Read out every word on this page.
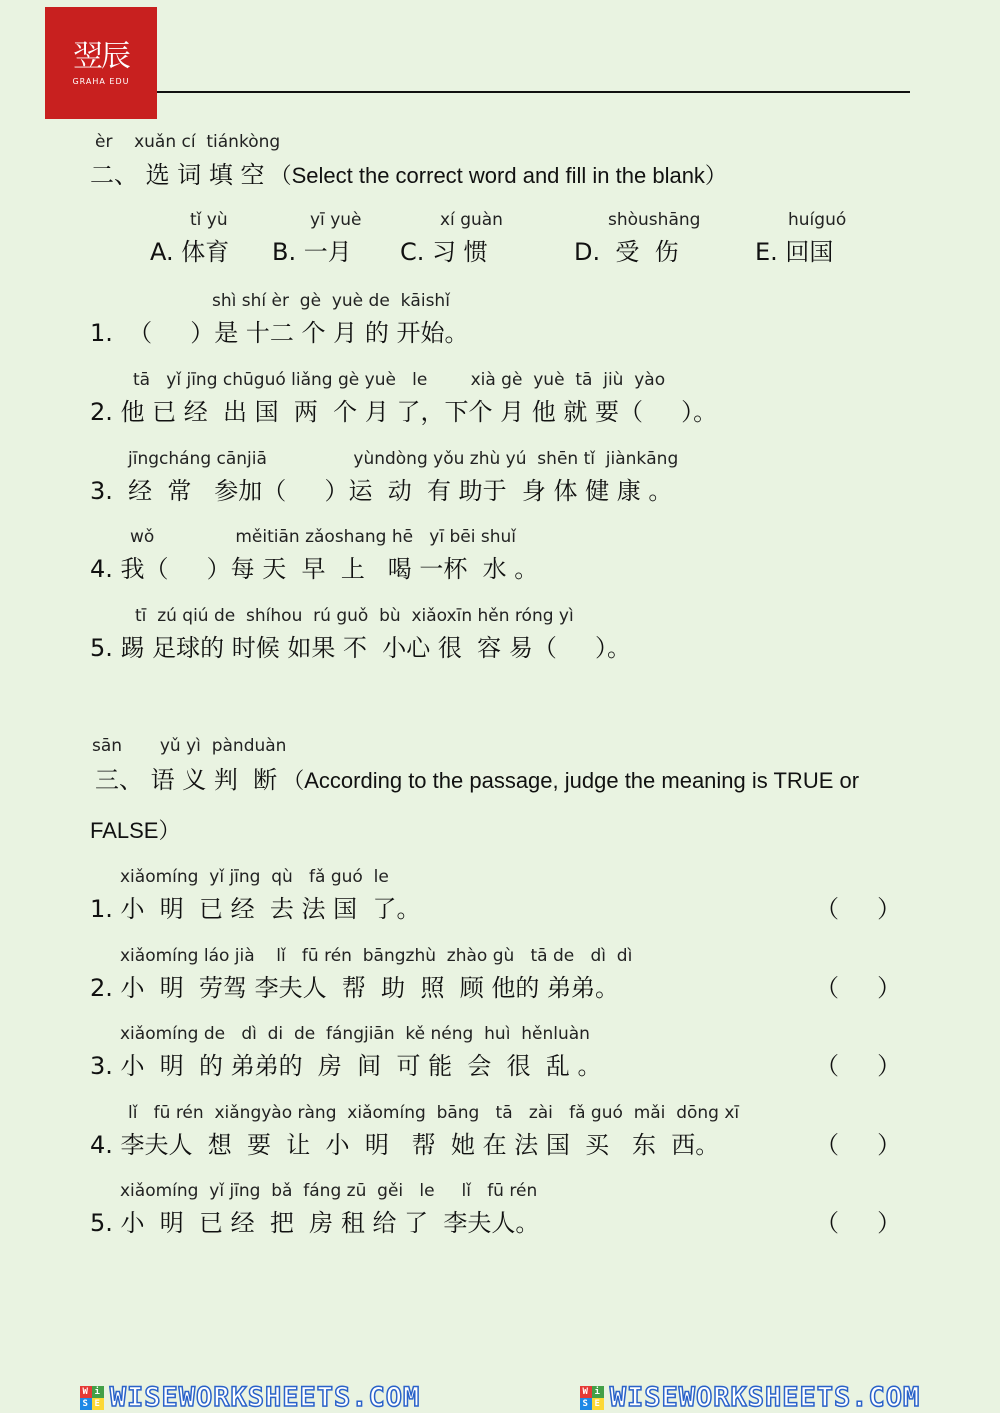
翌​辰
GRAHA EDU
èr    xuǎn cí  tiánkòng
二、 选 词 填 空 （Select the correct word and fill in the blank）
tǐ yù
A. 体育
yī yuè
B. 一月
xí guàn
C. 习 惯
shòushāng
D.  受  伤
huíguó
E. 回国
shì shí èr  gè  yuè de  kāishǐ
1.  （     ）是 十二 个 月 的 开始。
tā   yǐ jīng chūguó liǎng gè yuè   le        xià gè  yuè  tā  jiù  yào
2. 他 已 经  出 国  两  个 月 了，下个 月 他 就 要（     ）。
jīngcháng cānjiā                yùndòng yǒu zhù yú  shēn tǐ  jiànkāng
3.  经  常   参加（     ）运  动  有 助于  身 体 健 康 。
wǒ               měitiān zǎoshang hē   yī bēi shuǐ
4. 我（     ）每 天  早  上   喝 一杯  水 。
tī  zú qiú de  shíhou  rú guǒ  bù  xiǎoxīn hěn róng yì
5. 踢 足球的 时候 如果 不  小心 很  容 易（     ）。
sān       yǔ yì  pànduàn
三、 语 义 判  断 （According to the passage, judge the meaning is TRUE or
FALSE）
xiǎomíng  yǐ jīng  qù   fǎ guó  le
1. 小  明  已 经  去 法 国  了。	（     ）
xiǎomíng láo jià    lǐ   fū rén  bāngzhù  zhào gù   tā de   dì  dì
2. 小  明  劳驾 李夫人  帮  助  照  顾 他的 弟弟。	（     ）
xiǎomíng de   dì  di  de  fángjiān  kě néng  huì  hěnluàn
3. 小  明  的 弟弟的  房  间  可 能  会  很  乱 。	（     ）
lǐ   fū rén  xiǎngyào ràng  xiǎomíng  bāng   tā   zài   fǎ guó  mǎi  dōng xī
4. 李夫人  想  要  让  小  明   帮  她 在 法 国  买   东  西。	（     ）
xiǎomíng  yǐ jīng  bǎ  fáng zū  gěi   le     lǐ   fū rén
5. 小  明  已 经  把  房 租 给 了  李夫人。	（     ）
W i
S E WISEWORKSHEETS.COM	W i
S E WISEWORKSHEETS.COM
